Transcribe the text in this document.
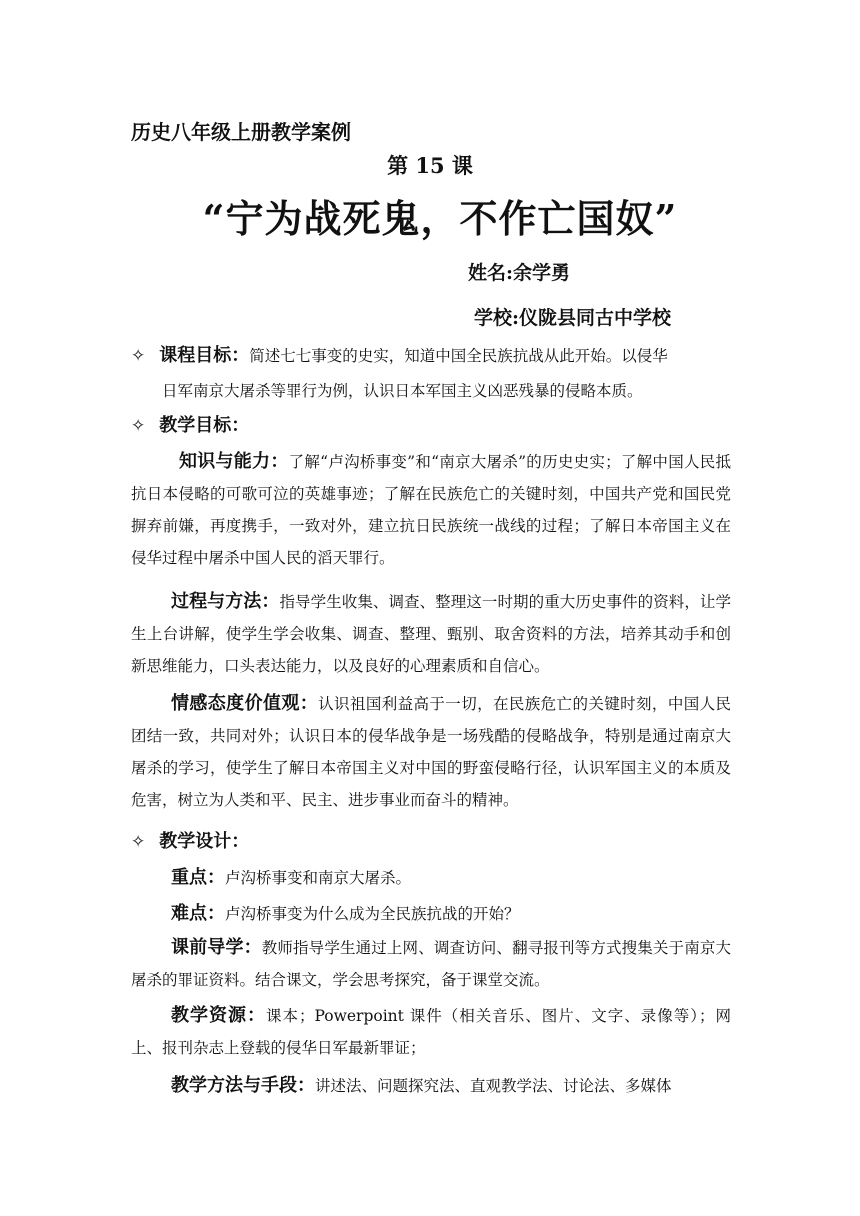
历史八年级上册教学案例
第 15 课
“宁为战死鬼，不作亡国奴”
姓名:余学勇
学校:仪陇县同古中学校
✧ 课程目标：简述七七事变的史实，知道中国全民族抗战从此开始。以侵华
日军南京大屠杀等罪行为例，认识日本军国主义凶恶残暴的侵略本质。
✧ 教学目标：
知识与能力：了解“卢沟桥事变”和“南京大屠杀”的历史史实；了解中国人民抵抗日本侵略的可歌可泣的英雄事迹；了解在民族危亡的关键时刻，中国共产党和国民党摒弃前嫌，再度携手，一致对外，建立抗日民族统一战线的过程；了解日本帝国主义在侵华过程中屠杀中国人民的滔天罪行。
过程与方法：指导学生收集、调查、整理这一时期的重大历史事件的资料，让学生上台讲解，使学生学会收集、调查、整理、甄别、取舍资料的方法，培养其动手和创新思维能力，口头表达能力，以及良好的心理素质和自信心。
情感态度价值观：认识祖国利益高于一切，在民族危亡的关键时刻，中国人民团结一致，共同对外；认识日本的侵华战争是一场残酷的侵略战争，特别是通过南京大屠杀的学习，使学生了解日本帝国主义对中国的野蛮侵略行径，认识军国主义的本质及危害，树立为人类和平、民主、进步事业而奋斗的精神。
✧ 教学设计：
重点：卢沟桥事变和南京大屠杀。
难点：卢沟桥事变为什么成为全民族抗战的开始？
课前导学：教师指导学生通过上网、调查访问、翻寻报刊等方式搜集关于南京大屠杀的罪证资料。结合课文，学会思考探究，备于课堂交流。
教学资源：课本；Powerpoint 课件（相关音乐、图片、文字、录像等）；网上、报刊杂志上登载的侵华日军最新罪证；
教学方法与手段：讲述法、问题探究法、直观教学法、讨论法、多媒体
